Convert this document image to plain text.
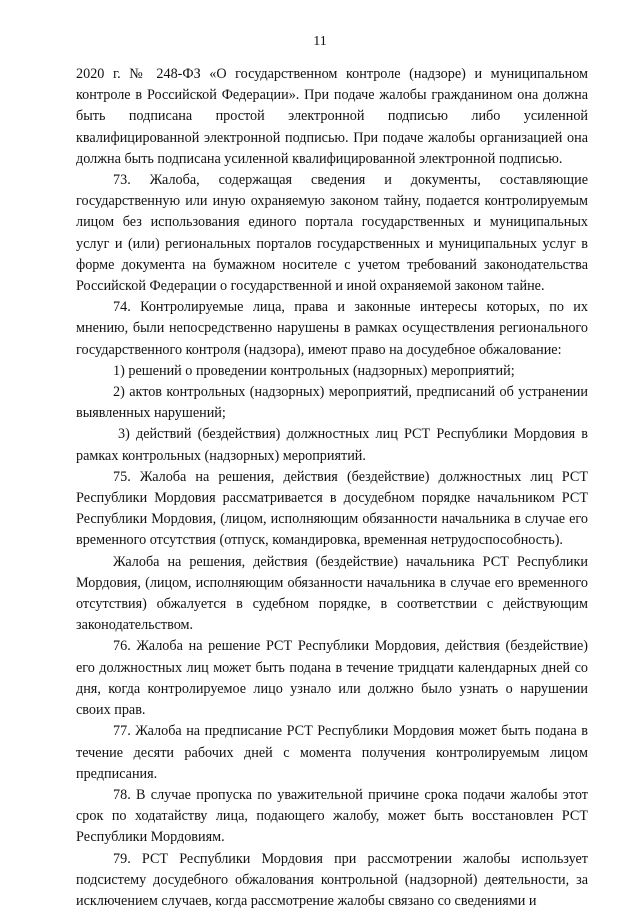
11

2020 г. № 248-ФЗ «О государственном контроле (надзоре) и муниципальном контроле в Российской Федерации». При подаче жалобы гражданином она должна быть подписана простой электронной подписью либо усиленной квалифицированной электронной подписью. При подаче жалобы организацией она должна быть подписана усиленной квалифицированной электронной подписью.

73. Жалоба, содержащая сведения и документы, составляющие государственную или иную охраняемую законом тайну, подается контролируемым лицом без использования единого портала государственных и муниципальных услуг и (или) региональных порталов государственных и муниципальных услуг в форме документа на бумажном носителе с учетом требований законодательства Российской Федерации о государственной и иной охраняемой законом тайне.

74. Контролируемые лица, права и законные интересы которых, по их мнению, были непосредственно нарушены в рамках осуществления регионального государственного контроля (надзора), имеют право на досудебное обжалование:

1) решений о проведении контрольных (надзорных) мероприятий;

2) актов контрольных (надзорных) мероприятий, предписаний об устранении выявленных нарушений;

3) действий (бездействия) должностных лиц РСТ Республики Мордовия в рамках контрольных (надзорных) мероприятий.

75. Жалоба на решения, действия (бездействие) должностных лиц РСТ Республики Мордовия рассматривается в досудебном порядке начальником РСТ Республики Мордовия, (лицом, исполняющим обязанности начальника в случае его временного отсутствия (отпуск, командировка, временная нетрудоспособность).

Жалоба на решения, действия (бездействие) начальника РСТ Республики Мордовия, (лицом, исполняющим обязанности начальника в случае его временного отсутствия) обжалуется в судебном порядке, в соответствии с действующим законодательством.

76. Жалоба на решение РСТ Республики Мордовия, действия (бездействие) его должностных лиц может быть подана в течение тридцати календарных дней со дня, когда контролируемое лицо узнало или должно было узнать о нарушении своих прав.

77. Жалоба на предписание РСТ Республики Мордовия может быть подана в течение десяти рабочих дней с момента получения контролируемым лицом предписания.

78. В случае пропуска по уважительной причине срока подачи жалобы этот срок по ходатайству лица, подающего жалобу, может быть восстановлен РСТ Республики Мордовиям.

79. РСТ Республики Мордовия при рассмотрении жалобы использует подсистему досудебного обжалования контрольной (надзорной) деятельности, за исключением случаев, когда рассмотрение жалобы связано со сведениями и
